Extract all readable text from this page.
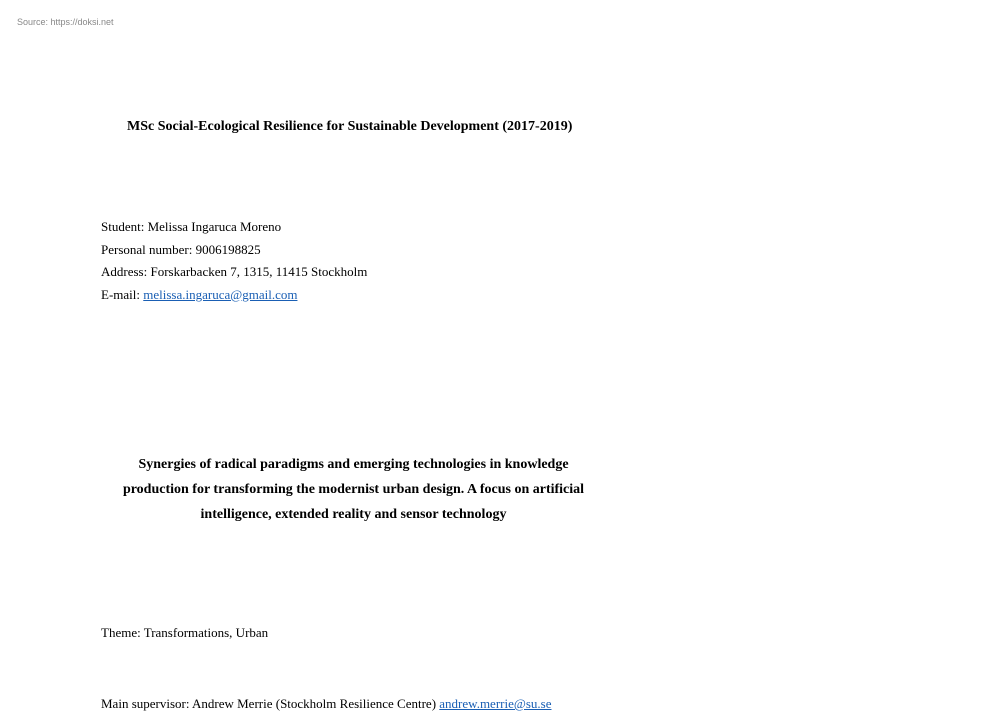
Source: https://doksi.net
MSc Social-Ecological Resilience for Sustainable Development (2017-2019)
Student: Melissa Ingaruca Moreno
Personal number: 9006198825
Address: Forskarbacken 7, 1315, 11415 Stockholm
E-mail: melissa.ingaruca@gmail.com
Synergies of radical paradigms and emerging technologies in knowledge
production for transforming the modernist urban design. A focus on artificial
intelligence, extended reality and sensor technology
Theme: Transformations, Urban
Main supervisor: Andrew Merrie (Stockholm Resilience Centre) andrew.merrie@su.se
